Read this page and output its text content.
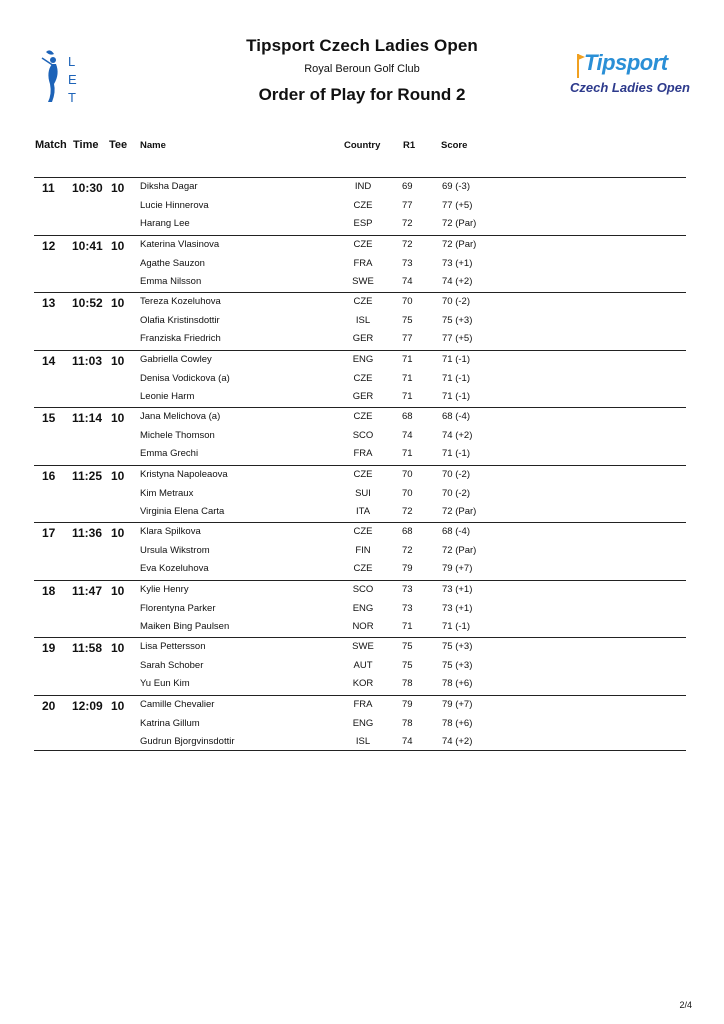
L
E
T
Tipsport Czech Ladies Open
Royal Beroun Golf Club
Order of Play for Round 2
Tipsport
Czech Ladies Open
Match Time Tee Name	Country R1	Score
11 10:30 10 Diksha Dagar	IND	69	69 (-3)
Lucie Hinnerova	CZE	77	77 (+5)
Harang Lee	ESP	72	72 (Par)
12 10:41 10 Katerina Vlasinova	CZE	72	72 (Par)
Agathe Sauzon	FRA	73	73 (+1)
Emma Nilsson	SWE	74	74 (+2)
13 10:52 10 Tereza Kozeluhova	CZE	70	70 (-2)
Olafia Kristinsdottir	ISL	75	75 (+3)
Franziska Friedrich	GER	77	77 (+5)
14 11:03 10 Gabriella Cowley	ENG	71	71 (-1)
Denisa Vodickova (a)	CZE	71	71 (-1)
Leonie Harm	GER	71	71 (-1)
15 11:14 10 Jana Melichova (a)	CZE	68	68 (-4)
Michele Thomson	SCO	74	74 (+2)
Emma Grechi	FRA	71	71 (-1)
16 11:25 10 Kristyna Napoleaova	CZE	70	70 (-2)
Kim Metraux	SUI	70	70 (-2)
Virginia Elena Carta	ITA	72	72 (Par)
17 11:36 10 Klara Spilkova	CZE	68	68 (-4)
Ursula Wikstrom	FIN	72	72 (Par)
Eva Kozeluhova	CZE	79	79 (+7)
18 11:47 10 Kylie Henry	SCO	73	73 (+1)
Florentyna Parker	ENG	73	73 (+1)
Maiken Bing Paulsen	NOR	71	71 (-1)
19 11:58 10 Lisa Pettersson	SWE	75	75 (+3)
Sarah Schober	AUT	75	75 (+3)
Yu Eun Kim	KOR	78	78 (+6)
20 12:09 10 Camille Chevalier	FRA	79	79 (+7)
Katrina Gillum	ENG	78	78 (+6)
Gudrun Bjorgvinsdottir	ISL	74	74 (+2)
2/4
